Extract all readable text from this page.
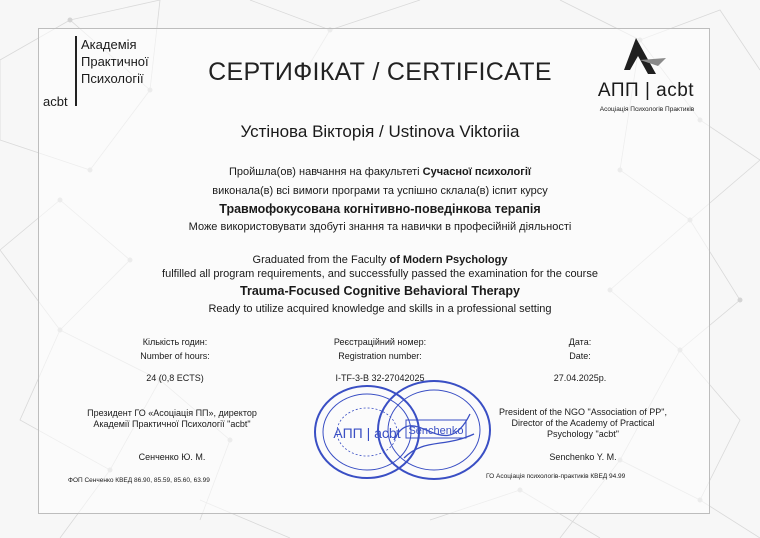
acbt
Академія
Практичної
Психології	СЕРТИФІКАТ / CERTIFICATE
АПП | acbt
Асоціація Психологів Практиків
Устінова Вікторія / Ustinova Viktoriia
Пройшла(ов) навчання на факультеті Сучасної психології
виконала(в) всі вимоги програми та успішно склала(в) іспит курсу
Травмофокусована когнітивно-поведінкова терапія
Може використовувати здобуті знання та навички в професійній діяльності
Graduated from the Faculty of Modern Psychology
fulfilled all program requirements, and successfully passed the examination for the course
Trauma-Focused Cognitive Behavioral Therapy
Ready to utilize acquired knowledge and skills in a professional setting
Кількість годин:
Number of hours:
24 (0,8 ECTS)
Реєстраційний номер:
Registration number:
I-TF-3-B 32-27042025
Дата:
Date:
27.04.2025р.
АПП | acbt Senchenko
Президент ГО «Асоціація ПП», директор
Академії Практичної Психології "acbt"
President of the NGO "Association of PP",
Director of the Academy of Practical
Psychology "acbt"
Сенченко Ю. М.	Senchenko Y. M.
ФОП Сенченко КВЕД 86.90, 85.59, 85.60, 63.99
ГО Асоціація психологів-практиків КВЕД 94.99
